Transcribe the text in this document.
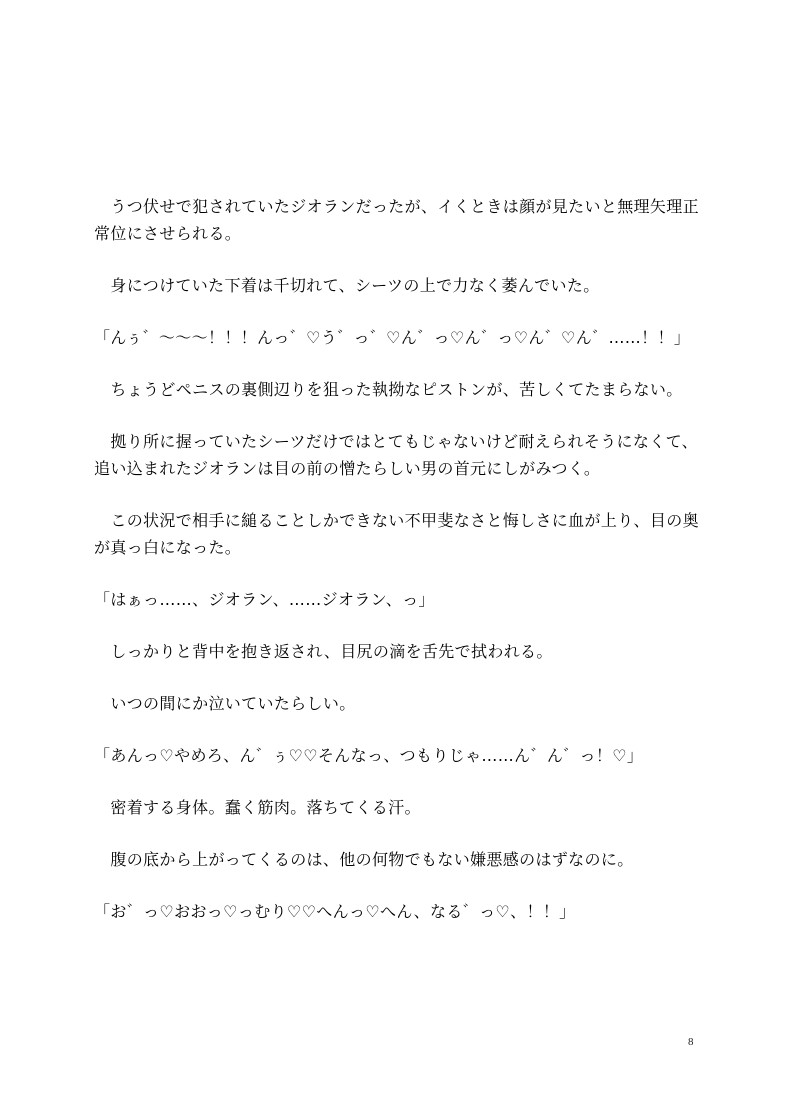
　うつ伏せで犯されていたジオランだったが、イくときは顔が見たいと無理矢理正常位にさせられる。

　身につけていた下着は千切れて、シーツの上で力なく萎んでいた。

「んぅ゛〜〜〜！！！んっ゛♡う゛っ゛♡ん゛っ♡ん゛っ♡ん゛♡ん゛……！！」

　ちょうどペニスの裏側辺りを狙った執拗なピストンが、苦しくてたまらない。

　拠り所に握っていたシーツだけではとてもじゃないけど耐えられそうになくて、追い込まれたジオランは目の前の憎たらしい男の首元にしがみつく。

　この状況で相手に縋ることしかできない不甲斐なさと悔しさに血が上り、目の奥が真っ白になった。

「はぁっ……、ジオラン、……ジオラン、っ」

　しっかりと背中を抱き返され、目尻の滴を舌先で拭われる。

　いつの間にか泣いていたらしい。

「あんっ♡やめろ、ん゛ぅ♡♡そんなっ、つもりじゃ……ん゛ん゛っ！♡」

　密着する身体。蠢く筋肉。落ちてくる汗。

　腹の底から上がってくるのは、他の何物でもない嫌悪感のはずなのに。

「お゛っ♡おおっ♡っむり♡♡へんっ♡へん、なる゛っ♡、！！」

8
